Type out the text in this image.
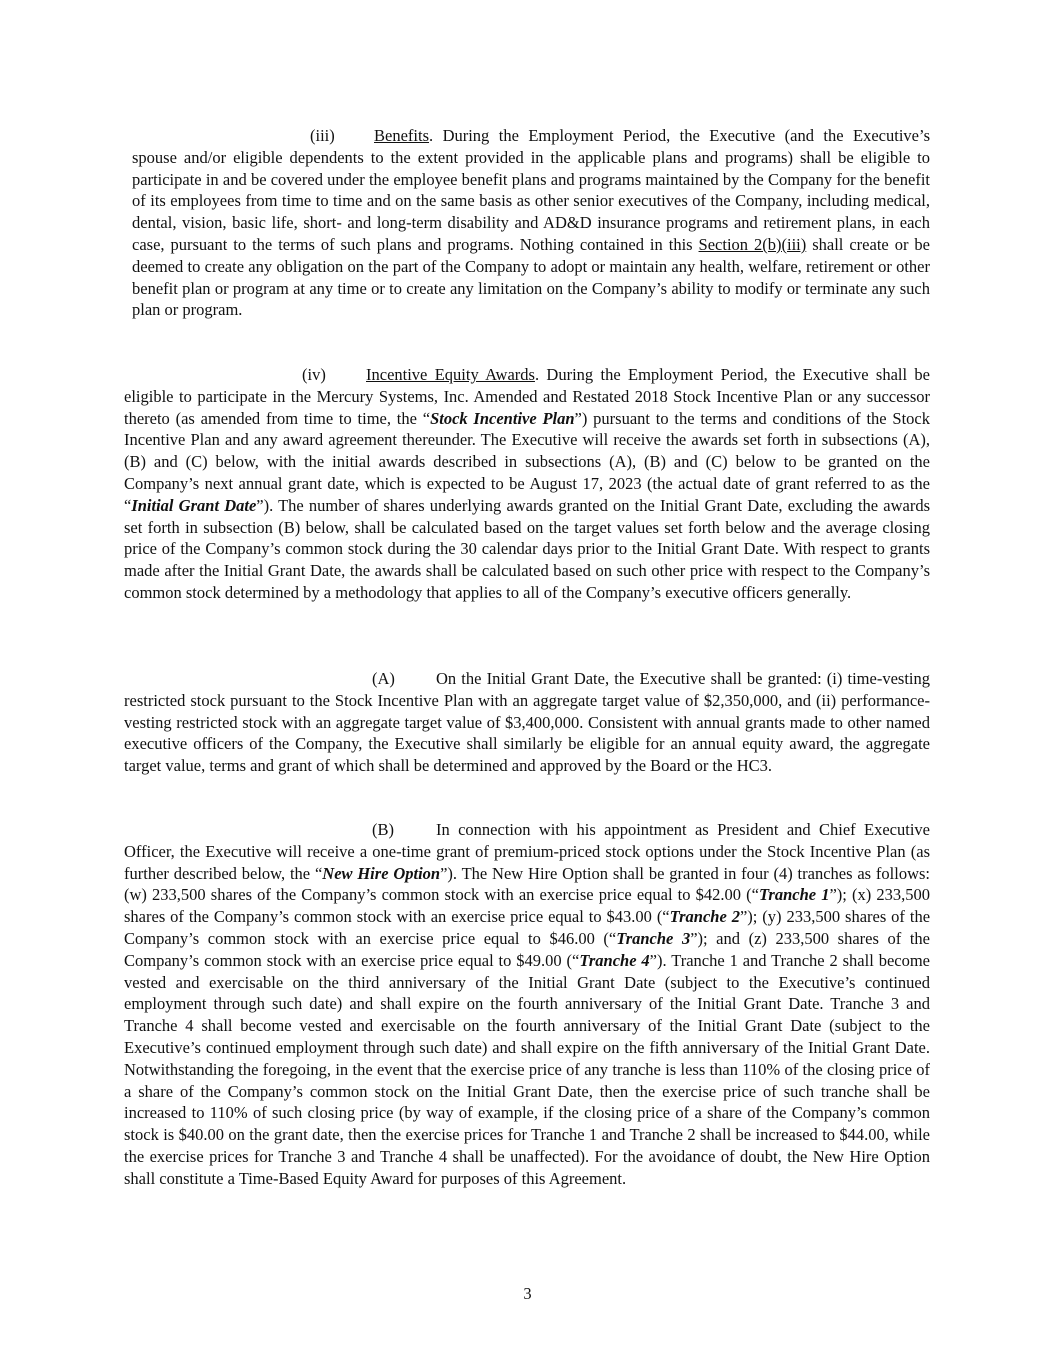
(iii) Benefits. During the Employment Period, the Executive (and the Executive’s spouse and/or eligible dependents to the extent provided in the applicable plans and programs) shall be eligible to participate in and be covered under the employee benefit plans and programs maintained by the Company for the benefit of its employees from time to time and on the same basis as other senior executives of the Company, including medical, dental, vision, basic life, short- and long-term disability and AD&D insurance programs and retirement plans, in each case, pursuant to the terms of such plans and programs. Nothing contained in this Section 2(b)(iii) shall create or be deemed to create any obligation on the part of the Company to adopt or maintain any health, welfare, retirement or other benefit plan or program at any time or to create any limitation on the Company’s ability to modify or terminate any such plan or program.

(iv) Incentive Equity Awards. During the Employment Period, the Executive shall be eligible to participate in the Mercury Systems, Inc. Amended and Restated 2018 Stock Incentive Plan or any successor thereto (as amended from time to time, the “Stock Incentive Plan”) pursuant to the terms and conditions of the Stock Incentive Plan and any award agreement thereunder. The Executive will receive the awards set forth in subsections (A), (B) and (C) below, with the initial awards described in subsections (A), (B) and (C) below to be granted on the Company’s next annual grant date, which is expected to be August 17, 2023 (the actual date of grant referred to as the “Initial Grant Date”). The number of shares underlying awards granted on the Initial Grant Date, excluding the awards set forth in subsection (B) below, shall be calculated based on the target values set forth below and the average closing price of the Company’s common stock during the 30 calendar days prior to the Initial Grant Date. With respect to grants made after the Initial Grant Date, the awards shall be calculated based on such other price with respect to the Company’s common stock determined by a methodology that applies to all of the Company’s executive officers generally.

(A) On the Initial Grant Date, the Executive shall be granted: (i) time-vesting restricted stock pursuant to the Stock Incentive Plan with an aggregate target value of $2,350,000, and (ii) performance-vesting restricted stock with an aggregate target value of $3,400,000. Consistent with annual grants made to other named executive officers of the Company, the Executive shall similarly be eligible for an annual equity award, the aggregate target value, terms and grant of which shall be determined and approved by the Board or the HC3.

(B)	In connection with his appointment as President and Chief Executive Officer, the Executive will receive a one-time grant of premium-priced stock options under the Stock Incentive Plan (as further described below, the “New Hire Option”). The New Hire Option shall be granted in four (4) tranches as follows: (w) 233,500 shares of the Company’s common stock with an exercise price equal to $42.00 (“Tranche 1”); (x) 233,500 shares of the Company’s common stock with an exercise price equal to $43.00 (“Tranche 2”); (y) 233,500 shares of the Company’s common stock with an exercise price equal to $46.00 (“Tranche 3”); and (z) 233,500 shares of the Company’s common stock with an exercise price equal to $49.00 (“Tranche 4”). Tranche 1 and Tranche 2 shall become vested and exercisable on the third anniversary of the Initial Grant Date (subject to the Executive’s continued employment through such date) and shall expire on the fourth anniversary of the Initial Grant Date. Tranche 3 and Tranche 4 shall become vested and exercisable on the fourth anniversary of the Initial Grant Date (subject to the Executive’s continued employment through such date) and shall expire on the fifth anniversary of the Initial Grant Date. Notwithstanding the foregoing, in the event that the exercise price of any tranche is less than 110% of the closing price of a share of the Company’s common stock on the Initial Grant Date, then the exercise price of such tranche shall be increased to 110% of such closing price (by way of example, if the closing price of a share of the Company’s common stock is $40.00 on the grant date, then the exercise prices for Tranche 1 and Tranche 2 shall be increased to $44.00, while the exercise prices for Tranche 3 and Tranche 4 shall be unaffected). For the avoidance of doubt, the New Hire Option shall constitute a Time-Based Equity Award for purposes of this Agreement.

3
